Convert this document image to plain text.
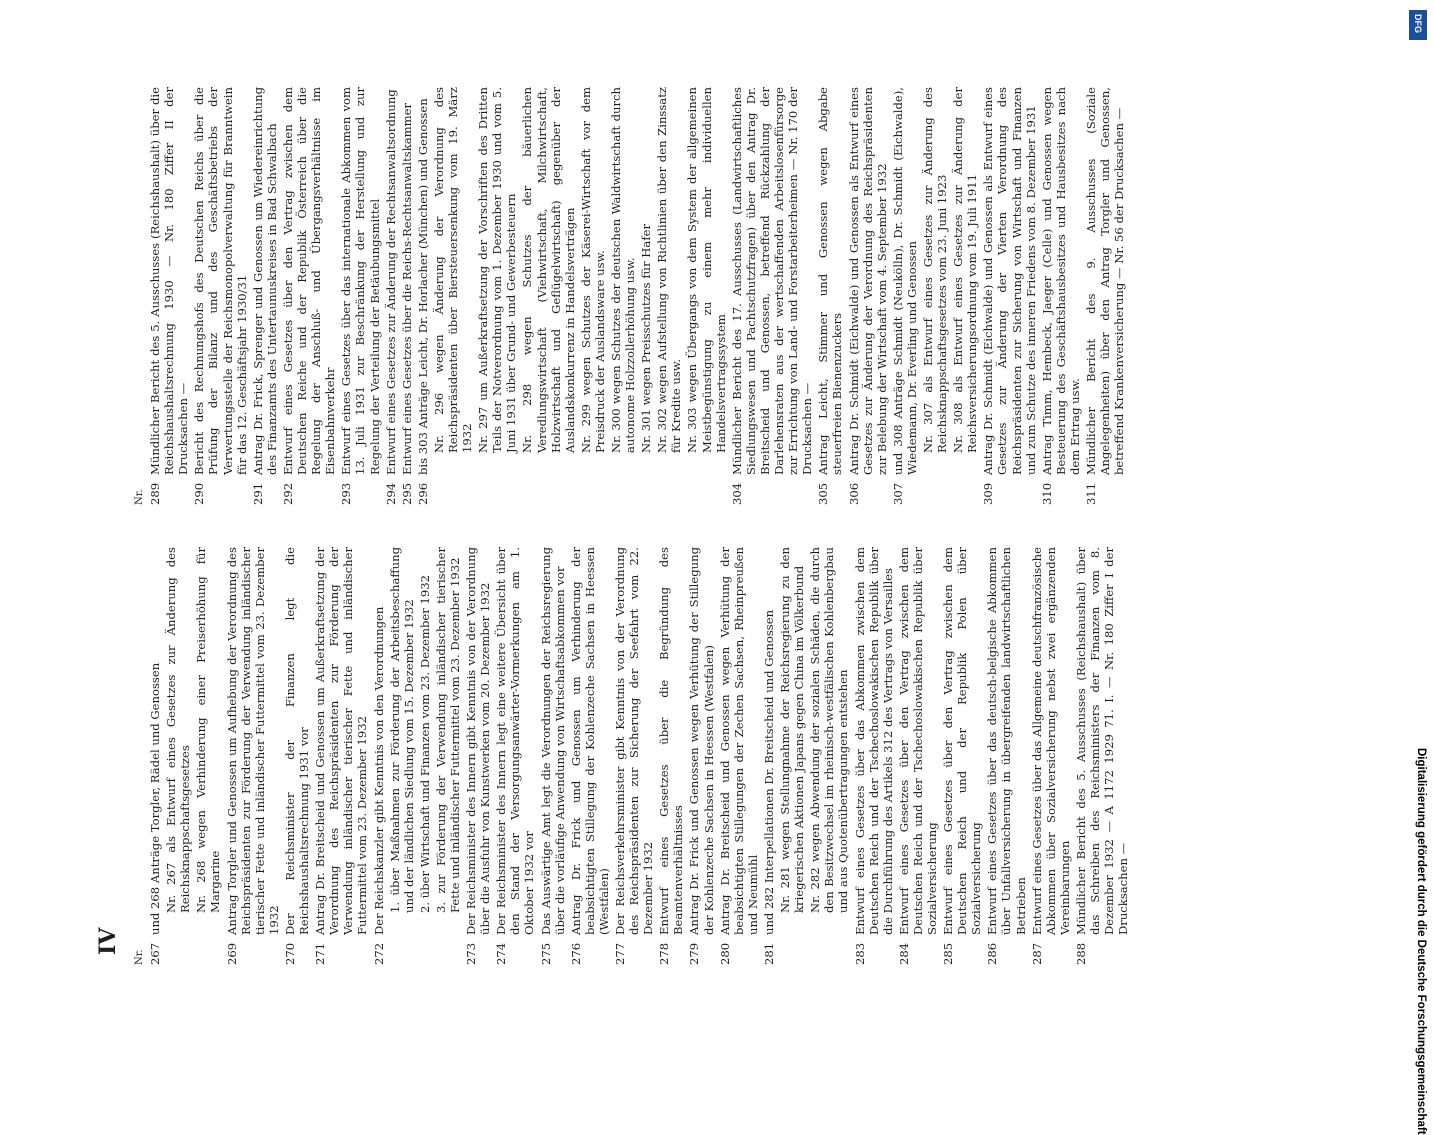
IV
Nr. 267
und 268 Anträge Torgler, Rädel und Genossen Nr. 267 als Entwurf eines Gesetzes zur Änderung des Reichsknappschaftsgesetzes Nr. 268 wegen Verhinderung einer Preiserhöhung für Margarine
269
Antrag Torgler und Genossen um Aufhebung der Verordnung des Reichspräsidenten zur Förderung der Verwendung inländischer tierischer Fette und inländischer Futtermittel vom 23. Dezember 1932
270
Der Reichsminister der Finanzen legt die Reichshaushaltsrechnung 1931 vor
271
Antrag Dr. Breitscheid und Genossen um Außerkraftsetzung der Verordnung des Reichspräsidenten zur Förderung der Verwendung inländischer tierischer Fette und inländischer Futtermittel vom 23. Dezember 1932
272
Der Reichskanzler gibt Kenntnis von den Verordnungen 1. über Maßnahmen zur Förderung der Arbeitsbeschaffung und der ländlichen Siedlung vom 15. Dezember 1932 2. über Wirtschaft und Finanzen vom 23. Dezember 1932 3. zur Förderung der Verwendung inländischer tierischer Fette und inländischer Futtermittel vom 23. Dezember 1932
273
Der Reichsminister des Innern gibt Kenntnis von der Verordnung über die Ausfuhr von Kunstwerken vom 20. Dezember 1932
274
Der Reichsminister des Innern legt eine weitere Übersicht über den Stand der Versorgungsanwärter-Vormerkungen am 1. Oktober 1932 vor
275
Das Auswärtige Amt legt die Verordnungen der Reichsregierung über die vorläufige Anwendung von Wirtschaftsabkommen vor
276
Antrag Dr. Frick und Genossen um Verhinderung der beabsichtigten Stillegung der Kohlenzeche Sachsen in Heessen (Westfalen)
277
Der Reichsverkehrsminister gibt Kenntnis von der Verordnung des Reichspräsidenten zur Sicherung der Seefahrt vom 22. Dezember 1932
278
Entwurf eines Gesetzes über die Begründung des Beamtenverhältnisses
279
Antrag Dr. Frick und Genossen wegen Verhütung der Stillegung der Kohlenzeche Sachsen in Heessen (Westfalen)
280
Antrag Dr. Breitscheid und Genossen wegen Verhütung der beabsichtigten Stillegungen der Zechen Sachsen, Rheinpreußen und Neumühl
281
und 282 Interpellationen Dr. Breitscheid und Genossen Nr. 281 wegen Stellungnahme der Reichsregierung zu den kriegerischen Aktionen Japans gegen China im Völkerbund Nr. 282 wegen Abwendung der sozialen Schäden, die durch den Besitzwechsel im rheinisch-westfälischen Kohlenbergbau und aus Quotenübertragungen entstehen
283
Entwurf eines Gesetzes über das Abkommen zwischen dem Deutschen Reich und der Tschechoslowakischen Republik über die Durchführung des Artikels 312 des Vertrags von Versailles
284
Entwurf eines Gesetzes über den Vertrag zwischen dem Deutschen Reich und der Tschechoslowakischen Republik über Sozialversicherung
285
Entwurf eines Gesetzes über den Vertrag zwischen dem Deutschen Reich und der Republik Polen über Sozialversicherung
286
Entwurf eines Gesetzes über das deutsch-belgische Abkommen über Unfallversicherung in übergreifenden landwirtschaftlichen Betrieben
287
Entwurf eines Gesetzes über das Allgemeine deutschfranzösische Abkommen über Sozialversicherung nebst zwei ergänzenden Vereinbarungen
288
Mündlicher Bericht des 5. Ausschusses (Reichshaushalt) über das Schreiben des Reichsministers der Finanzen vom 8. Dezember 1932 — A 1172 1929 71. I. — Nr. 180 Ziffer I der Drucksachen —
Nr. 289
Mündlicher Bericht des 5. Ausschusses (Reichshaushalt) über die Reichshaushaltsrechnung 1930 — Nr. 180 Ziffer II der Drucksachen —
290
Bericht des Rechnungshofs des Deutschen Reichs über die Prüfung der Bilanz und des Geschäftsbetriebs der Verwertungsstelle der Reichsmonopolverwaltung für Branntwein für das 12. Geschäftsjahr 1930/31
291
Antrag Dr. Frick, Sprenger und Genossen um Wiedereinrichtung des Finanzamts des Untertaunuskreises in Bad Schwalbach
292
Entwurf eines Gesetzes über den Vertrag zwischen dem Deutschen Reiche und der Republik Österreich über die Regelung der Anschluß- und Übergangsverhältnisse im Eisenbahnverkehr
293
Entwurf eines Gesetzes über das internationale Abkommen vom 13. Juli 1931 zur Beschränkung der Herstellung und zur Regelung der Verteilung der Betäubungsmittel
294
Entwurf eines Gesetzes zur Änderung der Rechtsanwaltsordnung
295
Entwurf eines Gesetzes über die Reichs-Rechtsanwaltskammer
296
bis 303 Anträge Leicht, Dr. Horlacher (München) und Genossen Nr. 296 wegen Änderung der Verordnung des Reichspräsidenten über Biersteuersenkung vom 19. März 1932 Nr. 297 um Außerkraftsetzung der Vorschriften des Dritten Teils der Notverordnung vom 1. Dezember 1930 und vom 5. Juni 1931 über Grund- und Gewerbesteuern Nr. 298 wegen Schutzes der bäuerlichen Veredlungswirtschaft (Viehwirtschaft, Milchwirtschaft, Holzwirtschaft und Geflügelwirtschaft) gegenüber der Auslandskonkurrenz in Handelsverträgen Nr. 299 wegen Schutzes der Käserei-Wirtschaft vor dem Preisdruck der Auslandsware usw. Nr. 300 wegen Schutzes der deutschen Waldwirtschaft durch autonome Holzzollerhöhung usw. Nr. 301 wegen Preisschutzes für Hafer Nr. 302 wegen Aufstellung von Richtlinien über den Zinssatz für Kredite usw. Nr. 303 wegen Übergangs von dem System der allgemeinen Meistbegünstigung zu einem mehr individuellen Handelsvertragssystem
304
Mündlicher Bericht des 17. Ausschusses (Landwirtschaftliches Siedlungswesen und Pachtschutzfragen) über den Antrag Dr. Breitscheid und Genossen, betreffend Rückzahlung der Darlehensraten aus der wertschaffenden Arbeitslosenfürsorge zur Errichtung von Land- und Forstarbeiterheimen — Nr. 170 der Drucksachen —
305
Antrag Leicht, Stimmer und Genossen wegen Abgabe steuerfreien Bienenzuckers
306
Antrag Dr. Schmidt (Eichwalde) und Genossen als Entwurf eines Gesetzes zur Änderung der Verordnung des Reichspräsidenten zur Belebung der Wirtschaft vom 4. September 1932
307
und 308 Anträge Schmidt (Neukölln), Dr. Schmidt (Eichwalde), Wiedemann, Dr. Everling und Genossen Nr. 307 als Entwurf eines Gesetzes zur Änderung des Reichsknappschaftsgesetzes vom 23. Juni 1923 Nr. 308 als Entwurf eines Gesetzes zur Änderung der Reichsversicherungsordnung vom 19. Juli 1911
309
Antrag Dr. Schmidt (Eichwalde) und Genossen als Entwurf eines Gesetzes zur Änderung der Vierten Verordnung des Reichspräsidenten zur Sicherung von Wirtschaft und Finanzen und zum Schutze des inneren Friedens vom 8. Dezember 1931
310
Antrag Timm, Hembeck, Jaeger (Celle) und Genossen wegen Besteuerung des Geschäftshausbesitzes und Hausbesitzes nach dem Ertrag usw.
311
Mündlicher Bericht des 9. Ausschusses (Soziale Angelegenheiten) über den Antrag Torgler und Genossen, betreffend Krankenversicherung — Nr. 56 der Drucksachen —
DFG
Digitalisierung gefördert durch die Deutsche Forschungsgemeinschaft
